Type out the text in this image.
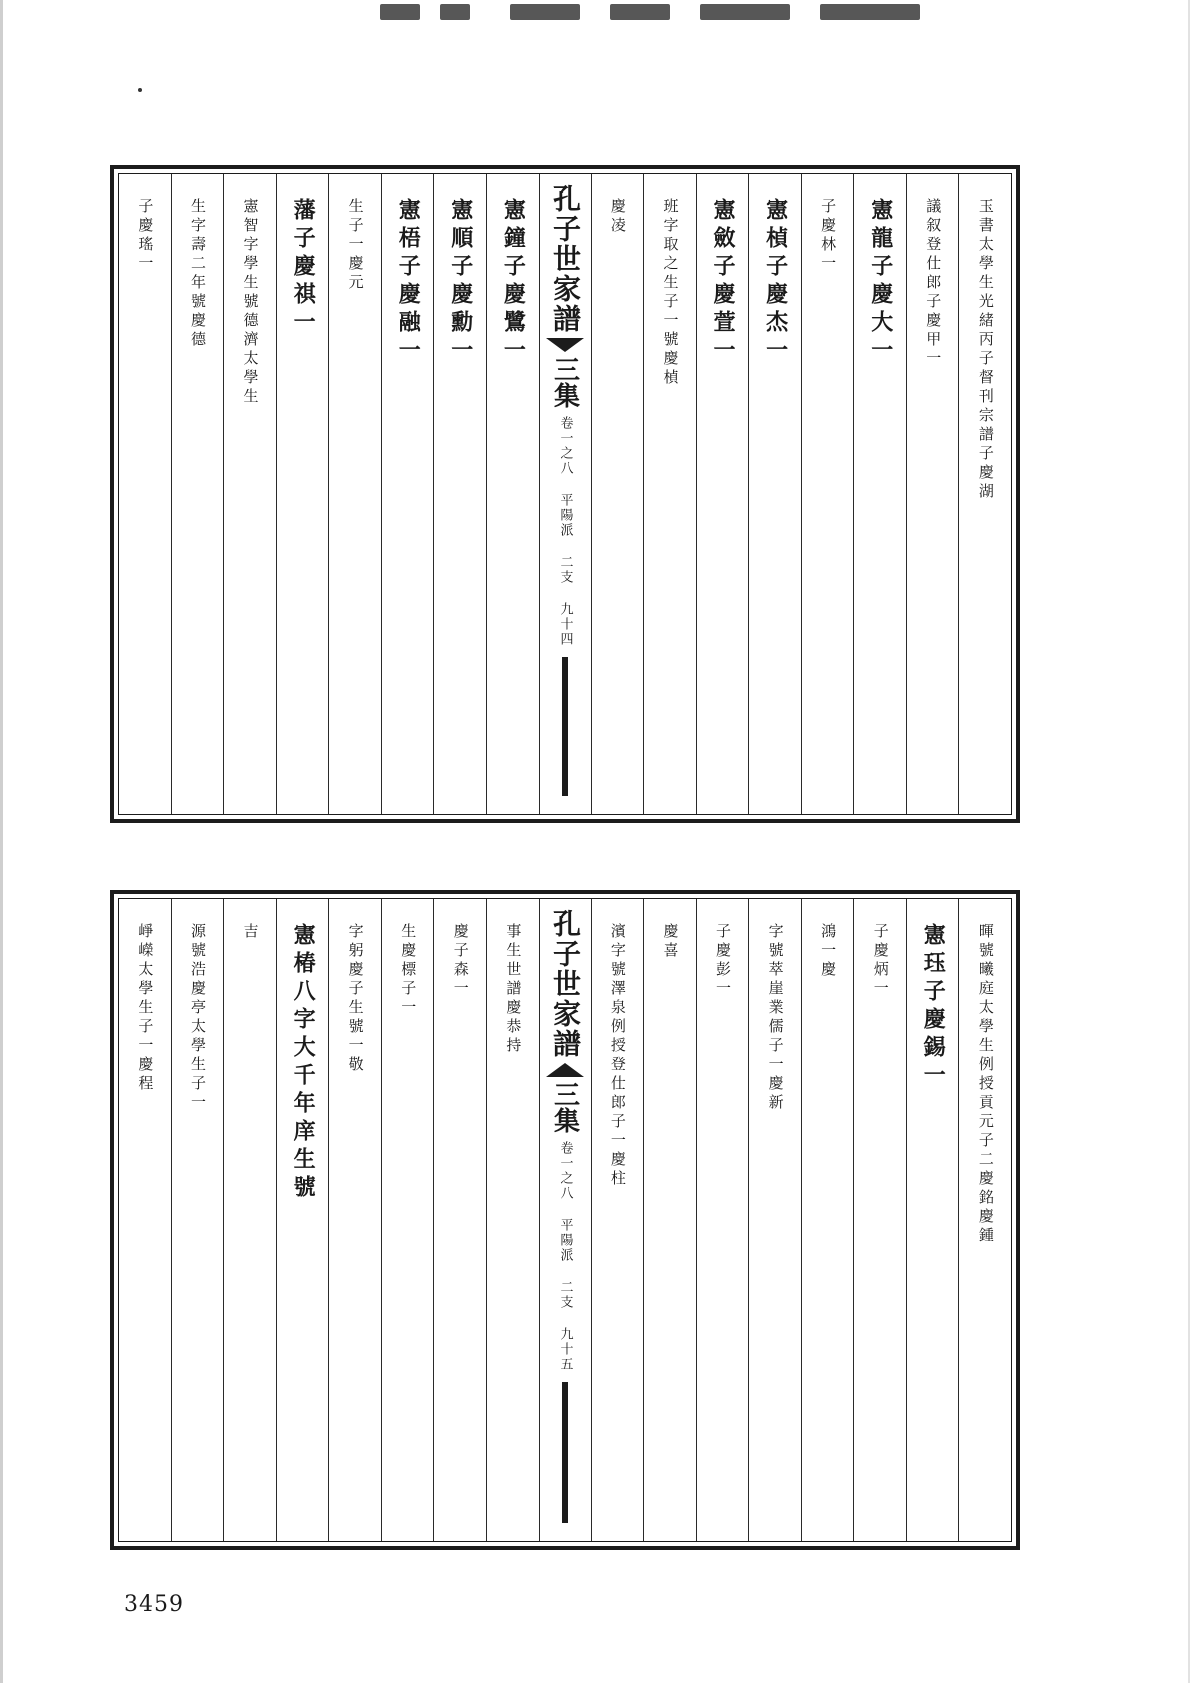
玉書太學生光緒丙子督刊宗譜子慶湖
議叙登仕郎子慶甲一
憲龍子慶大一
子慶林一
憲楨子慶杰一
憲斂子慶萱一
班字取之生子一號慶楨
慶凌
孔子世家譜
三集
卷一之八 平陽派 二支 九十四
憲鐘子慶鷺一
憲順子慶勳一
憲梧子慶融一
生子一慶元
藩子慶祺一
憲智字學生號德濟太學生
生字壽二年號慶德
子慶瑤一
暉號曦庭太學生例授貢元子二慶銘慶鍾
憲珏子慶錫一
子慶炳一
鴻一慶
字號萃崖業儒子一慶新
子慶彭一
慶喜
濱字號澤泉例授登仕郎子一慶柱
孔子世家譜
三集
卷一之八 平陽派 二支 九十五
事生世譜慶恭持
慶子森一
生慶標子一
字躬慶子生號一敬
憲椿八字大千年庠生號
吉
源號浩慶亭太學生子一
崢嶸太學生子一慶程
3459
